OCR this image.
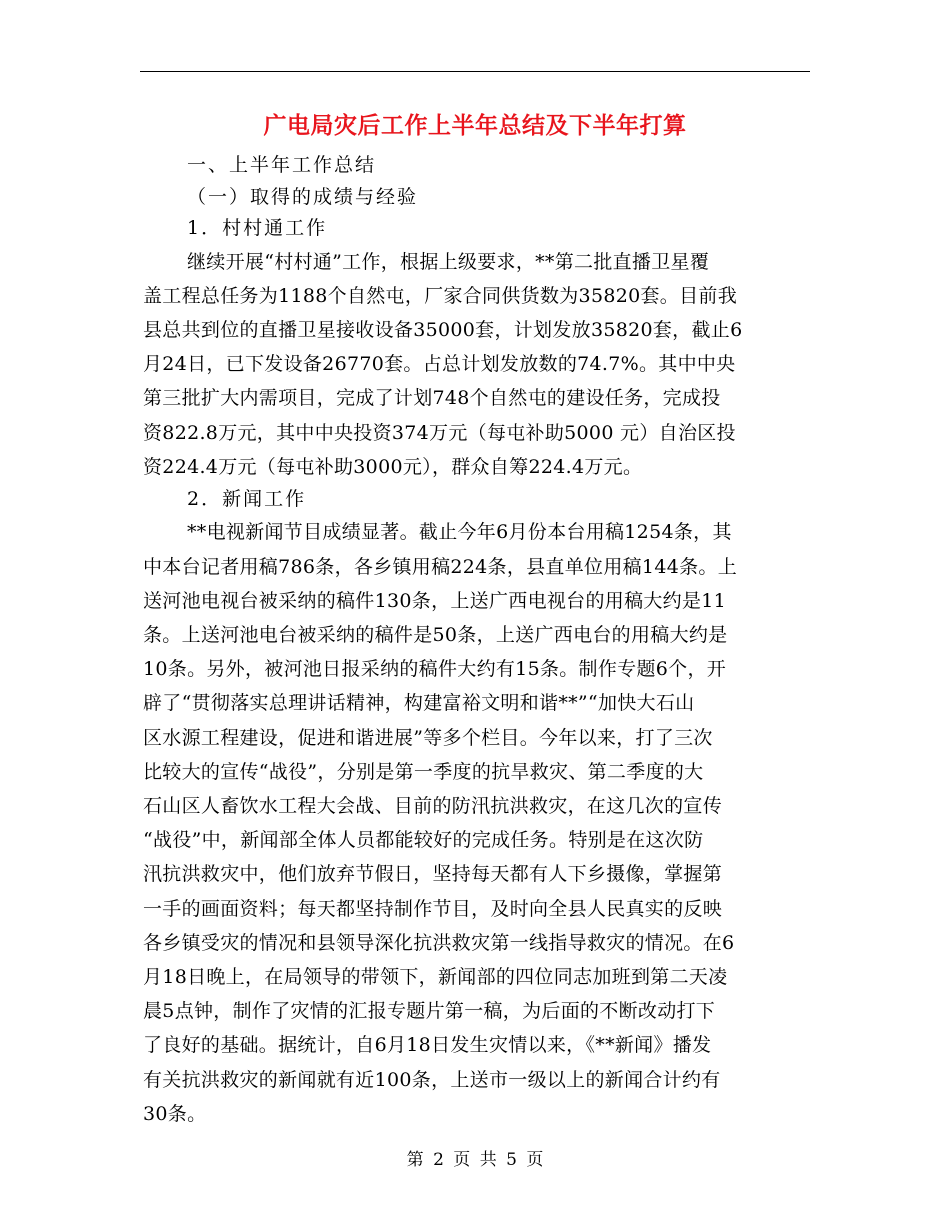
广电局灾后工作上半年总结及下半年打算

一、上半年工作总结

（一）取得的成绩与经验

1．村村通工作

继续开展“村村通”工作，根据上级要求，**第二批直播卫星覆
盖工程总任务为1188个自然屯，厂家合同供货数为35820套。目前我
县总共到位的直播卫星接收设备35000套，计划发放35820套，截止6
月24日，已下发设备26770套。占总计划发放数的74.7%。其中中央
第三批扩大内需项目，完成了计划748个自然屯的建设任务，完成投
资822.8万元，其中中央投资374万元（每屯补助5000 元）自治区投
资224.4万元（每屯补助3000元），群众自筹224.4万元。

2．新闻工作

**电视新闻节目成绩显著。截止今年6月份本台用稿1254条，其
中本台记者用稿786条，各乡镇用稿224条，县直单位用稿144条。上
送河池电视台被采纳的稿件130条，上送广西电视台的用稿大约是11
条。上送河池电台被采纳的稿件是50条，上送广西电台的用稿大约是
10条。另外，被河池日报采纳的稿件大约有15条。制作专题6个，开
辟了“贯彻落实总理讲话精神，构建富裕文明和谐**”“加快大石山
区水源工程建设，促进和谐进展”等多个栏目。今年以来，打了三次
比较大的宣传“战役”，分别是第一季度的抗旱救灾、第二季度的大
石山区人畜饮水工程大会战、目前的防汛抗洪救灾，在这几次的宣传
“战役”中，新闻部全体人员都能较好的完成任务。特别是在这次防
汛抗洪救灾中，他们放弃节假日，坚持每天都有人下乡摄像，掌握第
一手的画面资料；每天都坚持制作节目，及时向全县人民真实的反映
各乡镇受灾的情况和县领导深化抗洪救灾第一线指导救灾的情况。在6
月18日晚上，在局领导的带领下，新闻部的四位同志加班到第二天凌
晨5点钟，制作了灾情的汇报专题片第一稿，为后面的不断改动打下
了良好的基础。据统计，自6月18日发生灾情以来，《**新闻》播发
有关抗洪救灾的新闻就有近100条，上送市一级以上的新闻合计约有
30条。

第 2 页 共 5 页
